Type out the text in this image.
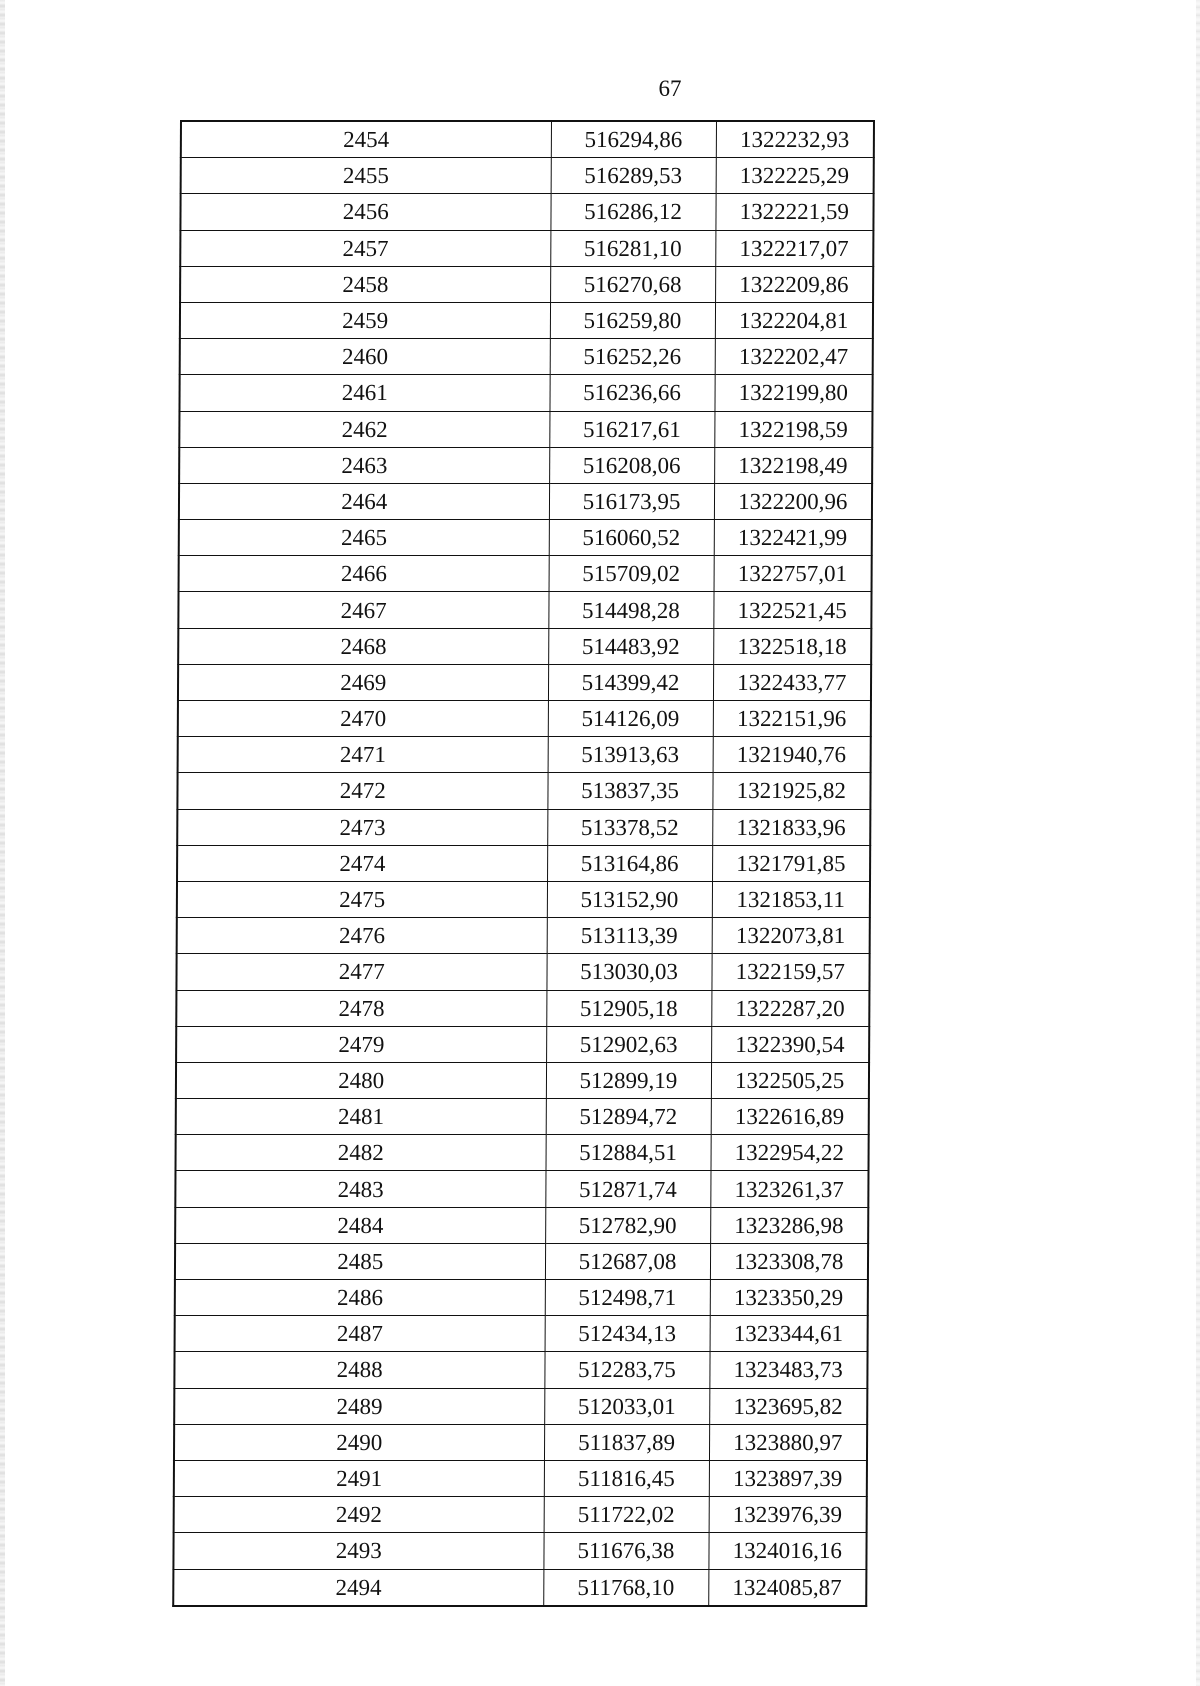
67
2454	516294,86	1322232,93
2455	516289,53	1322225,29
2456	516286,12	1322221,59
2457	516281,10	1322217,07
2458	516270,68	1322209,86
2459	516259,80	1322204,81
2460	516252,26	1322202,47
2461	516236,66	1322199,80
2462	516217,61	1322198,59
2463	516208,06	1322198,49
2464	516173,95	1322200,96
2465	516060,52	1322421,99
2466	515709,02	1322757,01
2467	514498,28	1322521,45
2468	514483,92	1322518,18
2469	514399,42	1322433,77
2470	514126,09	1322151,96
2471	513913,63	1321940,76
2472	513837,35	1321925,82
2473	513378,52	1321833,96
2474	513164,86	1321791,85
2475	513152,90	1321853,11
2476	513113,39	1322073,81
2477	513030,03	1322159,57
2478	512905,18	1322287,20
2479	512902,63	1322390,54
2480	512899,19	1322505,25
2481	512894,72	1322616,89
2482	512884,51	1322954,22
2483	512871,74	1323261,37
2484	512782,90	1323286,98
2485	512687,08	1323308,78
2486	512498,71	1323350,29
2487	512434,13	1323344,61
2488	512283,75	1323483,73
2489	512033,01	1323695,82
2490	511837,89	1323880,97
2491	511816,45	1323897,39
2492	511722,02	1323976,39
2493	511676,38	1324016,16
2494	511768,10	1324085,87
